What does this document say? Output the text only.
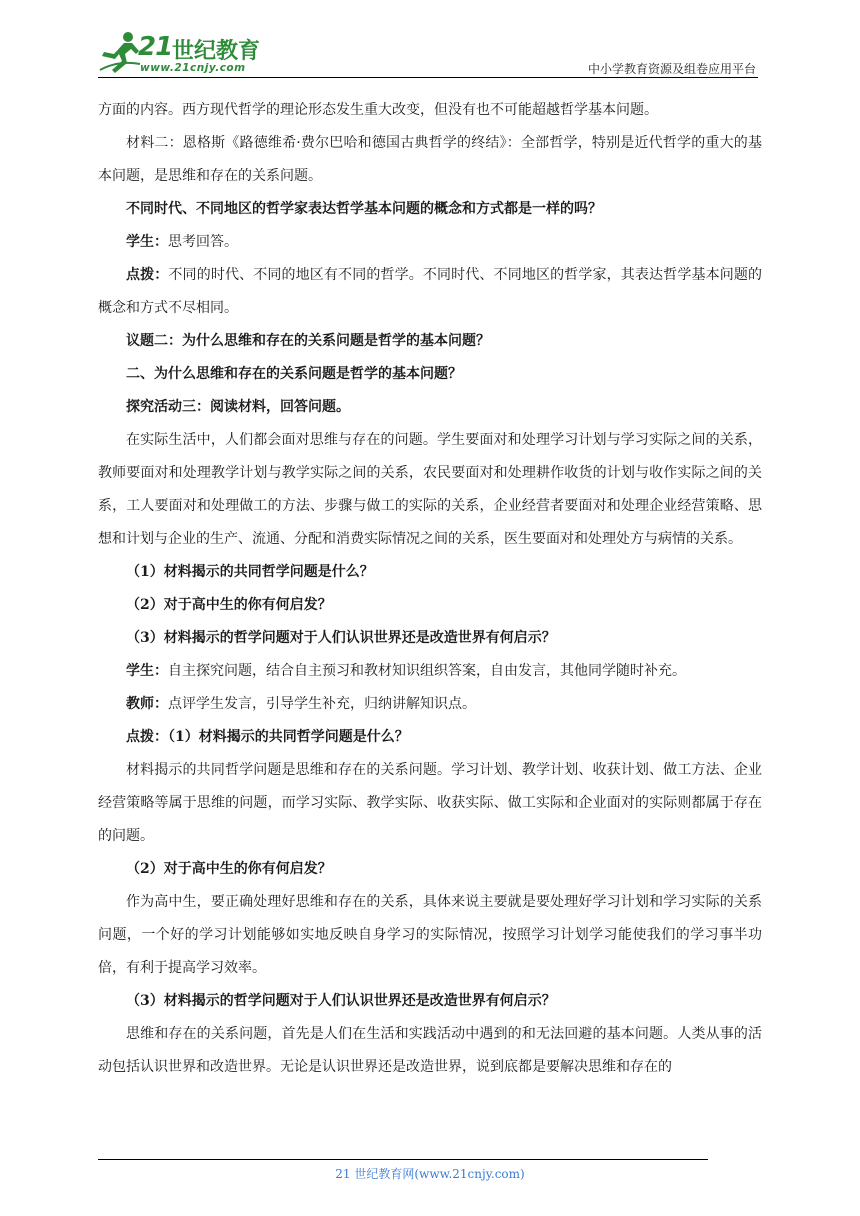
21 世纪教育
www.21cnjy.com	中小学教育资源及组卷应用平台

方面的内容。西方现代哲学的理论形态发生重大改变，但没有也不可能超越哲学基本问题。

材料二：恩格斯《路德维希·费尔巴哈和德国古典哲学的终结》：全部哲学，特别是近代哲学的重大的基本问题，是思维和存在的关系问题。

不同时代、不同地区的哲学家表达哲学基本问题的概念和方式都是一样的吗？

学生：思考回答。

点拨：不同的时代、不同的地区有不同的哲学。不同时代、不同地区的哲学家，其表达哲学基本问题的概念和方式不尽相同。

议题二：为什么思维和存在的关系问题是哲学的基本问题？

二、为什么思维和存在的关系问题是哲学的基本问题？

探究活动三：阅读材料，回答问题。

在实际生活中，人们都会面对思维与存在的问题。学生要面对和处理学习计划与学习实际之间的关系，教师要面对和处理教学计划与教学实际之间的关系，农民要面对和处理耕作收货的计划与收作实际之间的关系，工人要面对和处理做工的方法、步骤与做工的实际的关系，企业经营者要面对和处理企业经营策略、思想和计划与企业的生产、流通、分配和消费实际情况之间的关系，医生要面对和处理处方与病情的关系。

（1）材料揭示的共同哲学问题是什么？

（2）对于高中生的你有何启发？

（3）材料揭示的哲学问题对于人们认识世界还是改造世界有何启示？

学生：自主探究问题，结合自主预习和教材知识组织答案，自由发言，其他同学随时补充。

教师：点评学生发言，引导学生补充，归纳讲解知识点。

点拨：（1）材料揭示的共同哲学问题是什么？

材料揭示的共同哲学问题是思维和存在的关系问题。学习计划、教学计划、收获计划、做工方法、企业经营策略等属于思维的问题，而学习实际、教学实际、收获实际、做工实际和企业面对的实际则都属于存在的问题。

（2）对于高中生的你有何启发？

作为高中生，要正确处理好思维和存在的关系，具体来说主要就是要处理好学习计划和学习实际的关系问题，一个好的学习计划能够如实地反映自身学习的实际情况，按照学习计划学习能使我们的学习事半功倍，有利于提高学习效率。

（3）材料揭示的哲学问题对于人们认识世界还是改造世界有何启示？

思维和存在的关系问题，首先是人们在生活和实践活动中遇到的和无法回避的基本问题。人类从事的活动包括认识世界和改造世界。无论是认识世界还是改造世界，说到底都是要解决思维和存在的

21 世纪教育网(www.21cnjy.com)
